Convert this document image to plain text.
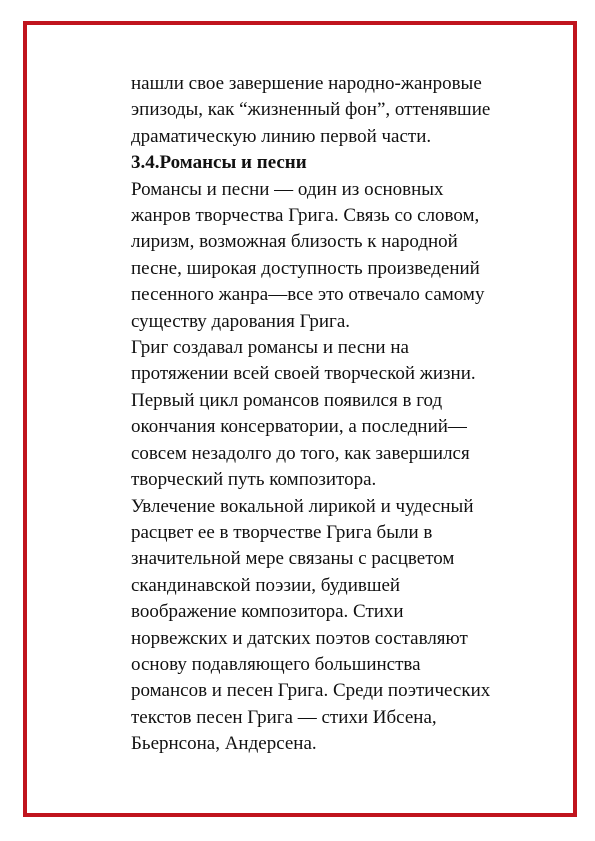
нашли свое завершение народно-жанровые
эпизоды, как “жизненный фон”, оттенявшие
драматическую линию первой части.
3.4.Романсы и песни
Романсы и песни — один из основных
жанров творчества Грига. Связь со словом,
лиризм, возможная близость к народной
песне, широкая доступность произведений
песенного жанра—все это отвечало самому
существу дарования Грига.
Григ создавал романсы и песни на
протяжении всей своей творческой жизни.
Первый цикл романсов появился в год
окончания консерватории, а последний—
совсем незадолго до того, как завершился
творческий путь композитора.
Увлечение вокальной лирикой и чудесный
расцвет ее в творчестве Грига были в
значительной мере связаны с расцветом
скандинавской поэзии, будившей
воображение композитора. Стихи
норвежских и датских поэтов составляют
основу подавляющего большинства
романсов и песен Грига. Среди поэтических
текстов песен Грига — стихи Ибсена,
Бьернсона, Андерсена.
